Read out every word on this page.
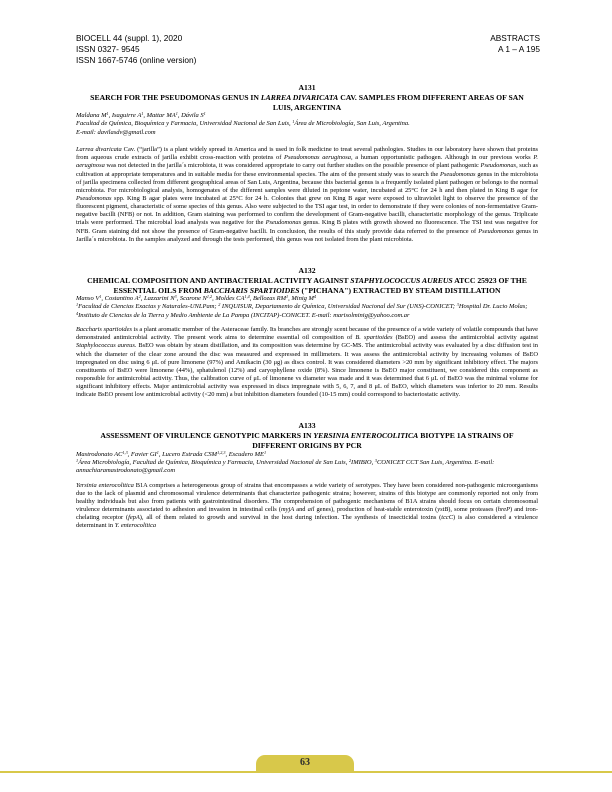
BIOCELL 44 (suppl. 1), 2020
ISSN 0327- 9545
ISSN 1667-5746 (online version)
ABSTRACTS
A 1 – A 195
A131
SEARCH FOR THE PSEUDOMONAS GENUS IN LARREA DIVARICATA CAV. SAMPLES FROM DIFFERENT AREAS OF SAN LUIS, ARGENTINA
Maldana $M^1$, Isaguirre $A^1$, Mattar $MA^1$, Dávila $S^1$
Facultad de Química, Bioquímica y Farmacia, Universidad Nacional de San Luis, $^1$Área de Microbiología, San Luis, Argentina.
E-mail: davilasdv@gmail.com
Larrea divaricata Cav. (“jarilla”) is a plant widely spread in America and is used in folk medicine to treat several pathologies. Studies in our laboratory have shown that proteins from aqueous crude extracts of jarilla exhibit cross-reaction with proteins of Pseudomonas aeruginosa, a human opportunistic pathogen. Although in our previous works P. aeruginosa was not detected in the jarilla´s microbiota, it was considered appropriate to carry out further studies on the possible presence of plant pathogenic Pseudomonas, such as cultivation at appropriate temperatures and in suitable media for these environmental species. The aim of the present study was to search the Pseudomonas genus in the microbiota of jarilla specimens collected from different geographical areas of San Luis, Argentina, because this bacterial genus is a frequently isolated plant pathogen or belongs to the normal microbiota. For microbiological analysis, homogenates of the different samples were diluted in peptone water, incubated at 25°C for 24 h and then plated in King B agar for Pseudomonas spp. King B agar plates were incubated at 25°C for 24 h. Colonies that grew on King B agar were exposed to ultraviolet light to observe the presence of the fluorescent pigment, characteristic of some species of this genus. Also were subjected to the TSI agar test, in order to demonstrate if they were colonies of non-fermentative Gram-negative bacilli (NFB) or not. In addition, Gram staining was performed to confirm the development of Gram-negative bacilli, characteristic morphology of the genus. Triplicate trials were performed. The microbial load analysis was negative for the Pseudomonas genus. King B plates with growth showed no fluorescence. The TSI test was negative for NFB. Gram staining did not show the presence of Gram-negative bacilli. In conclusion, the results of this study provide data referred to the presence of Pseudomonas genus in Jarilla´s microbiota. In the samples analyzed and through the tests performed, this genus was not isolated from the plant microbiota.
A132
CHEMICAL COMPOSITION AND ANTIBACTERIAL ACTIVITY AGAINST STAPHYLOCOCCUS AUREUS ATCC 25923 OF THE ESSENTIAL OILS FROM BACCHARIS SPARTIOIDES ("PICHANA") EXTRACTED BY STEAM DISTILLATION
Manso $V^1$, Costantino $A^2$, Lazzarini $N^3$, Scarone N$^{1,2}$, Moldes CA$^{1,4}$, Bellozas $RM^1$, Minig $M^4$
$^1$Facultad de Ciencias Exactas y Naturales-UNLPam; $^2$ INQUISUR, Departamento de Química, Universidad Nacional del Sur (UNS)-CONICET; $^3$Hospital Dr. Lucio Molas; $^4$Instituto de Ciencias de la Tierra y Medio Ambiente de La Pampa (INCITAP)-CONICET. E-mail: marisolminig@yahoo.com.ar
Baccharis spartioides is a plant aromatic member of the Asteraceae family. Its branches are strongly scent because of the presence of a wide variety of volatile compounds that have demonstrated antimicrobial activity. The present work aims to determine essential oil composition of B. spartioides (BsEO) and assess the antimicrobial activity against Staphylococcus aureus. BsEO was obtain by steam distillation, and its composition was determine by GC-MS. The antimicrobial activity was evaluated by a disc diffusion test in which the diameter of the clear zone around the disc was measured and expressed in millimeters. It was assess the antimicrobial activity by increasing volumes of BsEO impregnated on disc using 6 μL of pure limonene (97%) and Amikacin (30 μg) as discs control. It was considered diameters >20 mm by significant inhibitory effect. The majors constituents of BsEO were limonene (44%), sphatulenol (12%) and caryophyllene oxide (8%). Since limonene is BsEO major constituent, we considered this component as responsible for antimicrobial activity. Thus, the calibration curve of μL of limonene vs diameter was made and it was determined that 6 μL of BsEO was the minimal volume for significant inhibitory effects. Major antimicrobial activity was expressed in discs impregnate with 5, 6, 7, and 8 μL of BsEO, which diameters was inferior to 20 mm. Results indicate BsEO present low antimicrobial activity (<20 mm) a but inhibition diameters founded (10-15 mm) could correspond to bacteriostatic activity.
A133
ASSESSMENT OF VIRULENCE GENOTYPIC MARKERS IN YERSINIA ENTEROCOLITICA BIOTYPE 1A STRAINS OF DIFFERENT ORIGINS BY PCR
Mastrodonato AC$^{1,3}$, Favier $GI^1$, Lucero Estrada CSM$^{1,2,3}$, Escudero $ME^1$
$^1$Área Microbiología, Facultad de Química, Bioquímica y Farmacia, Universidad Nacional de San Luis, $^2$IMIBIO, $^3$CONICET CCT San Luis, Argentina. E-mail: annachiaramastrodonato@gmail.com
Yersinia enterocolitica B1A comprises a heterogeneous group of strains that encompasses a wide variety of serotypes. They have been considered non-pathogenic microorganisms due to the lack of plasmid and chromosomal virulence determinants that characterize pathogenic strains; however, strains of this biotype are commonly reported not only from healthy individuals but also from patients with gastrointestinal disorders. The comprehension of pathogenic mechanisms of B1A strains should focus on certain chromosomal virulence determinants associated to adhesion and invasion in intestinal cells (myjA and ail genes), production of heat-stable enterotoxin (ystB), some proteases (hreP) and iron-chelating receptor (fepA), all of them related to growth and survival in the host during infection. The synthesis of insecticidal toxins (tccC) is also considered a virulence determinant in Y. enterocolitica
63
